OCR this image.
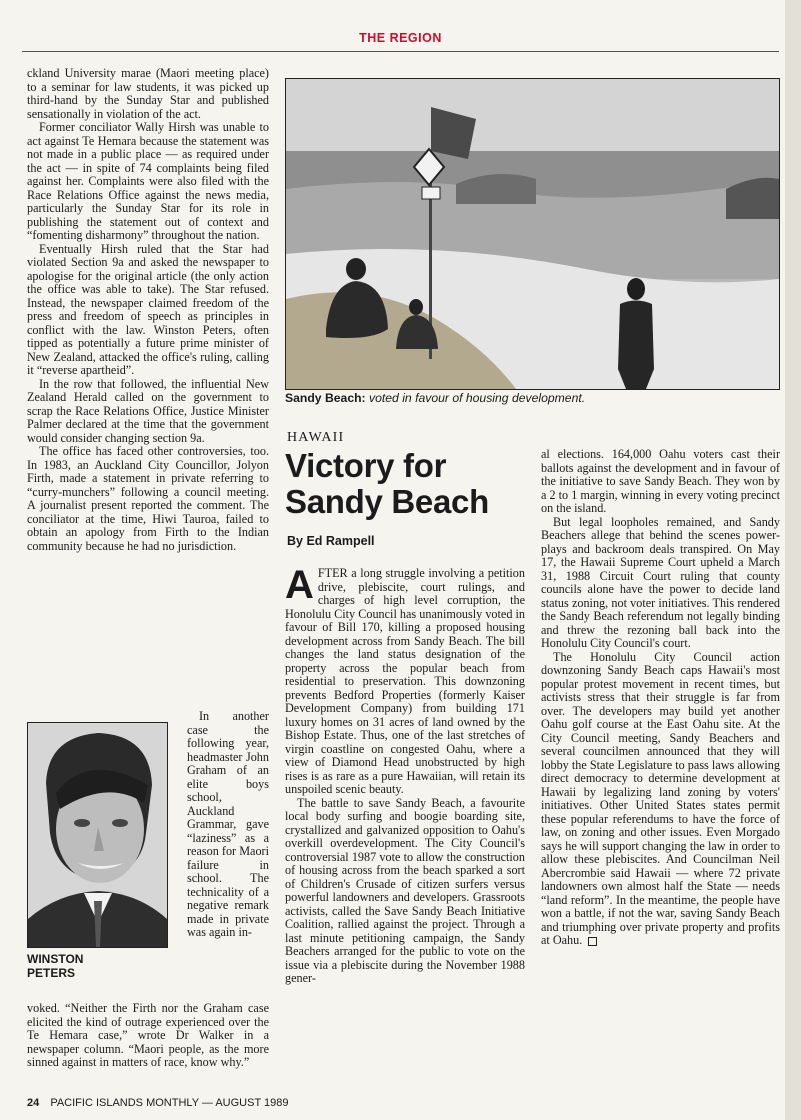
THE REGION

ckland University marae (Maori meeting place) to a seminar for law students, it was picked up third-hand by the Sunday Star and published sensationally in violation of the act.

Former conciliator Wally Hirsh was unable to act against Te Hemara because the statement was not made in a public place — as required under the act — in spite of 74 complaints being filed against her. Complaints were also filed with the Race Relations Office against the news media, particularly the Sunday Star for its role in publishing the statement out of context and “fomenting disharmony” throughout the nation.

Eventually Hirsh ruled that the Star had violated Section 9a and asked the newspaper to apologise for the original article (the only action the office was able to take). The Star refused. Instead, the newspaper claimed freedom of the press and freedom of speech as principles in conflict with the law. Winston Peters, often tipped as potentially a future prime minister of New Zealand, attacked the office's ruling, calling it “reverse apartheid”.

In the row that followed, the influential New Zealand Herald called on the government to scrap the Race Relations Office, Justice Minister Palmer declared at the time that the government would consider changing section 9a.

The office has faced other controversies, too. In 1983, an Auckland City Councillor, Jolyon Firth, made a statement in private referring to “curry-munchers” following a council meeting. A journalist present reported the comment. The conciliator at the time, Hiwi Tauroa, failed to obtain an apology from Firth to the Indian community because he had no jurisdiction.

WINSTON
PETERS

In another case the following year, headmaster John Graham of an elite boys school, Auckland Grammar, gave “laziness” as a reason for Maori failure in school. The technicality of a negative remark made in private was again in-

voked. “Neither the Firth nor the Graham case elicited the kind of outrage experienced over the Te Hemara case,” wrote Dr Walker in a newspaper column. “Maori people, as the more sinned against in matters of race, know why.”

Sandy Beach: voted in favour of housing development.
HAWAII
Victory for
Sandy Beach
By Ed Rampell

AFTER a long struggle involving a petition drive, plebiscite, court rulings, and charges of high level corruption, the Honolulu City Council has unanimously voted in favour of Bill 170, killing a proposed housing development across from Sandy Beach. The bill changes the land status designation of the property across the popular beach from residential to preservation. This downzoning prevents Bedford Properties (formerly Kaiser Development Company) from building 171 luxury homes on 31 acres of land owned by the Bishop Estate. Thus, one of the last stretches of virgin coastline on congested Oahu, where a view of Diamond Head unobstructed by high rises is as rare as a pure Hawaiian, will retain its unspoiled scenic beauty.

The battle to save Sandy Beach, a favourite local body surfing and boogie boarding site, crystallized and galvanized opposition to Oahu's overkill overdevelopment. The City Council's controversial 1987 vote to allow the construction of housing across from the beach sparked a sort of Children's Crusade of citizen surfers versus powerful landowners and developers. Grassroots activists, called the Save Sandy Beach Initiative Coalition, rallied against the project. Through a last minute petitioning campaign, the Sandy Beachers arranged for the public to vote on the issue via a plebiscite during the November 1988 gener-

al elections. 164,000 Oahu voters cast their ballots against the development and in favour of the initiative to save Sandy Beach. They won by a 2 to 1 margin, winning in every voting precinct on the island.

But legal loopholes remained, and Sandy Beachers allege that behind the scenes power-plays and backroom deals transpired. On May 17, the Hawaii Supreme Court upheld a March 31, 1988 Circuit Court ruling that county councils alone have the power to decide land status zoning, not voter initiatives. This rendered the Sandy Beach referendum not legally binding and threw the rezoning ball back into the Honolulu City Council's court.

The Honolulu City Council action downzoning Sandy Beach caps Hawaii's most popular protest movement in recent times, but activists stress that their struggle is far from over. The developers may build yet another Oahu golf course at the East Oahu site. At the City Council meeting, Sandy Beachers and several councilmen announced that they will lobby the State Legislature to pass laws allowing direct democracy to determine development at Hawaii by legalizing land zoning by voters' initiatives. Other United States states permit these popular referendums to have the force of law, on zoning and other issues. Even Morgado says he will support changing the law in order to allow these plebiscites. And Councilman Neil Abercrombie said Hawaii — where 72 private landowners own almost half the State — needs “land reform”. In the meantime, the people have won a battle, if not the war, saving Sandy Beach and triumphing over private property and profits at Oahu.

24 PACIFIC ISLANDS MONTHLY — AUGUST 1989
